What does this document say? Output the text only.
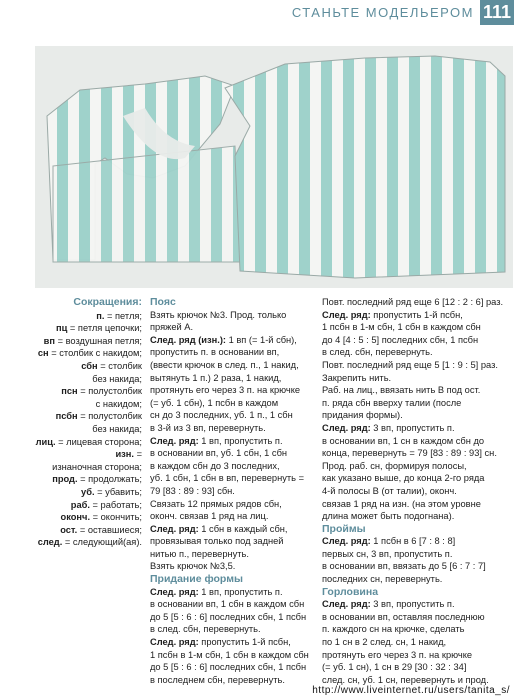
СТАНЬТЕ МОДЕЛЬЕРОМ 111
Сокращения:
п. = петля;
пц = петля цепочки;
вп = воздушная петля;
сн = столбик с накидом;
сбн = столбик
без накида;
псн = полустолбик
с накидом;
псбн = полустолбик
без накида;
лиц. = лицевая сторона;
изн. =
изнаночная сторона;
прод. = продолжать;
уб. = убавить;
раб. = работать;
оконч. = окончить;
ост. = оставшиеся;
след. = следующий(ая).
Пояс
Взять крючок №3. Прод. только
пряжей А.
След. ряд (изн.): 1 вп (= 1-й сбн),
пропустить п. в основании вп,
(ввести крючок в след. п., 1 накид,
вытянуть 1 п.) 2 раза, 1 накид,
протянуть его через 3 п. на крючке
(= уб. 1 сбн), 1 псбн в каждом
сн до 3 последних, уб. 1 п., 1 сбн
в 3-й из 3 вп, перевернуть.
След. ряд: 1 вп, пропустить п.
в основании вп, уб. 1 сбн, 1 сбн
в каждом сбн до 3 последних,
уб. 1 сбн, 1 сбн в вп, перевернуть =
79 [83 : 89 : 93] сбн.
Связать 12 прямых рядов сбн,
оконч. связав 1 ряд на лиц.
След. ряд: 1 сбн в каждый сбн,
провязывая только под задней
нитью п., перевернуть.
Взять крючок №3,5.
Придание формы
След. ряд: 1 вп, пропустить п.
в основании вп, 1 сбн в каждом сбн
до 5 [5 : 6 : 6] последних сбн, 1 псбн
в след. сбн, перевернуть.
След. ряд: пропустить 1-й псбн,
1 псбн в 1-м сбн, 1 сбн в каждом сбн
до 5 [5 : 6 : 6] последних сбн, 1 псбн
в последнем сбн, перевернуть.
Повт. последний ряд еще 6 [12 : 2 : 6] раз.
След. ряд: пропустить 1-й псбн,
1 псбн в 1-м сбн, 1 сбн в каждом сбн
до 4 [4 : 5 : 5] последних сбн, 1 псбн
в след. сбн, перевернуть.
Повт. последний ряд еще 5 [1 : 9 : 5] раз.
Закрепить нить.
Раб. на лиц., ввязать нить В под ост.
п. ряда сбн вверху талии (после
придания формы).
След. ряд: 3 вп, пропустить п.
в основании вп, 1 сн в каждом сбн до
конца, перевернуть = 79 [83 : 89 : 93] сн.
Прод. раб. сн, формируя полосы,
как указано выше, до конца 2-го ряда
4-й полосы В (от талии), оконч.
связав 1 ряд на изн. (на этом уровне
длина может быть подогнана).
Проймы
След. ряд: 1 псбн в 6 [7 : 8 : 8]
первых сн, 3 вп, пропустить п.
в основании вп, ввязать до 5 [6 : 7 : 7]
последних сн, перевернуть.
Горловина
След. ряд: 3 вп, пропустить п.
в основании вп, оставляя последнюю
п. каждого сн на крючке, сделать
по 1 сн в 2 след. сн, 1 накид,
протянуть его через 3 п. на крючке
(= уб. 1 сн), 1 сн в 29 [30 : 32 : 34]
след. сн, уб. 1 сн, перевернуть и прод.
http://www.liveinternet.ru/users/tanita_s/
